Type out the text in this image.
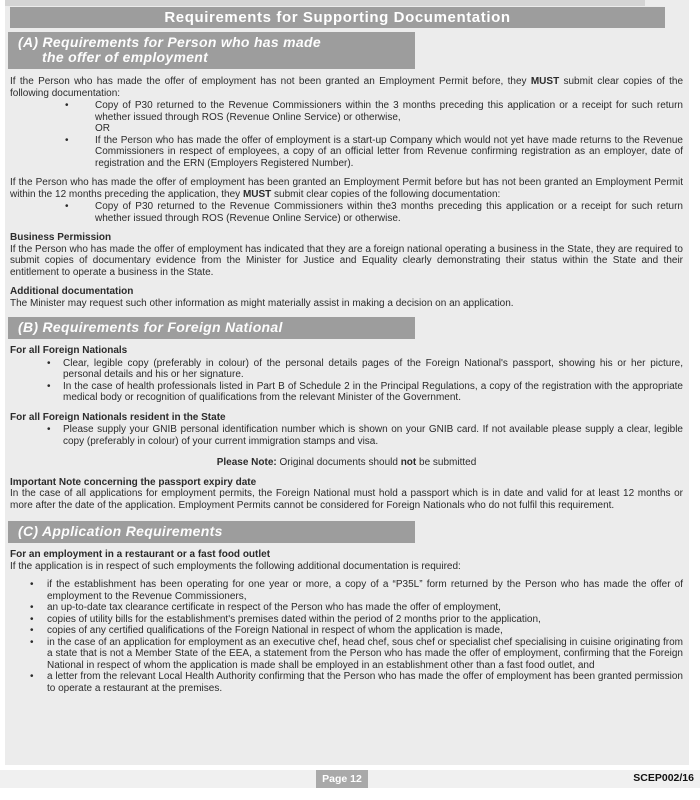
Requirements for Supporting Documentation
(A) Requirements for Person who has made
the offer of employment

If the Person who has made the offer of employment has not been granted an Employment Permit before, they MUST submit clear copies of the following documentation:

• Copy of P30 returned to the Revenue Commissioners within the 3 months preceding this application or a receipt for such return whether issued through ROS (Revenue Online Service) or otherwise,
OR
• If the Person who has made the offer of employment is a start-up Company which would not yet have made returns to the Revenue Commissioners in respect of employees, a copy of an official letter from Revenue confirming registration as an employer, date of registration and the ERN (Employers Registered Number).

If the Person who has made the offer of employment has been granted an Employment Permit before but has not been granted an Employment Permit within the 12 months preceding the application, they MUST submit clear copies of the following documentation:

• Copy of P30 returned to the Revenue Commissioners within the3 months preceding this application or a receipt for such return whether issued through ROS (Revenue Online Service) or otherwise.

Business Permission

If the Person who has made the offer of employment has indicated that they are a foreign national operating a business in the State, they are required to submit copies of documentary evidence from the Minister for Justice and Equality clearly demonstrating their status within the State and their entitlement to operate a business in the State.

Additional documentation

The Minister may request such other information as might materially assist in making a decision on an application.

(B) Requirements for Foreign National

For all Foreign Nationals

• Clear, legible copy (preferably in colour) of the personal details pages of the Foreign National's passport, showing his or her picture, personal details and his or her signature.
• In the case of health professionals listed in Part B of Schedule 2 in the Principal Regulations, a copy of the registration with the appropriate medical body or recognition of qualifications from the relevant Minister of the Government.

For all Foreign Nationals resident in the State

• Please supply your GNIB personal identification number which is shown on your GNIB card. If not available please supply a clear, legible copy (preferably in colour) of your current immigration stamps and visa.

Please Note: Original documents should not be submitted

Important Note concerning the passport expiry date

In the case of all applications for employment permits, the Foreign National must hold a passport which is in date and valid for at least 12 months or more after the date of the application. Employment Permits cannot be considered for Foreign Nationals who do not fulfil this requirement.

(C) Application Requirements

For an employment in a restaurant or a fast food outlet

If the application is in respect of such employments the following additional documentation is required:

• if the establishment has been operating for one year or more, a copy of a “P35L” form returned by the Person who has made the offer of employment to the Revenue Commissioners,
• an up-to-date tax clearance certificate in respect of the Person who has made the offer of employment,
• copies of utility bills for the establishment's premises dated within the period of 2 months prior to the application,
• copies of any certified qualifications of the Foreign National in respect of whom the application is made,
• in the case of an application for employment as an executive chef, head chef, sous chef or specialist chef specialising in cuisine originating from a state that is not a Member State of the EEA, a statement from the Person who has made the offer of employment, confirming that the Foreign National in respect of whom the application is made shall be employed in an establishment other than a fast food outlet, and
• a letter from the relevant Local Health Authority confirming that the Person who has made the offer of employment has been granted permission to operate a restaurant at the premises.
Page 12	SCEP002/16
